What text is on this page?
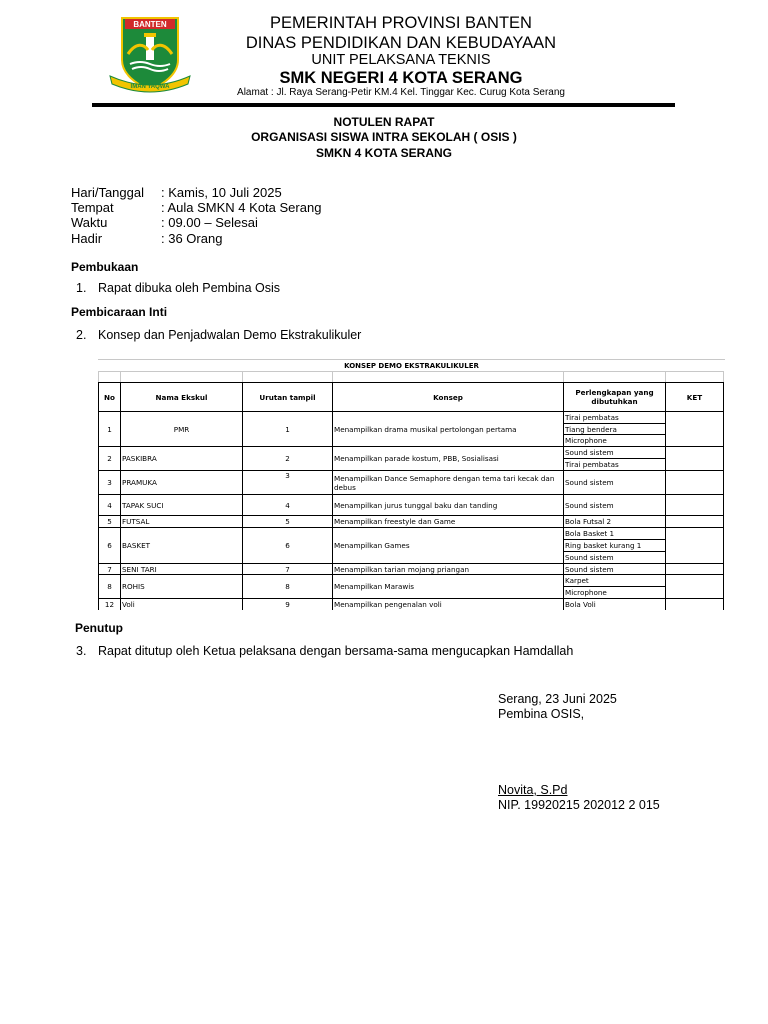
BANTEN
IMAN TAQWA
PEMERINTAH PROVINSI BANTEN
DINAS PENDIDIKAN DAN KEBUDAYAAN
UNIT PELAKSANA TEKNIS
SMK NEGERI 4 KOTA SERANG
Alamat : Jl. Raya Serang-Petir KM.4 Kel. Tinggar Kec. Curug Kota Serang
NOTULEN RAPAT
ORGANISASI SISWA INTRA SEKOLAH ( OSIS )
SMKN 4 KOTA SERANG
Hari/Tanggal : Kamis, 10 Juli 2025
Tempat	: Aula SMKN 4 Kota Serang
Waktu	: 09.00 – Selesai
Hadir	: 36 Orang
Pembukaan
1. Rapat dibuka oleh Pembina Osis
Pembicaraan Inti
2. Konsep dan Penjadwalan Demo Ekstrakulikuler
KONSEP DEMO EKSTRAKULIKULER

No	Nama Ekskul	Urutan tampil	Konsep	Perlengkapan yang dibutuhkan	KET
1	PMR	1	Menampilkan drama musikal pertolongan pertama	Tirai pembatas	
				Tiang bendera	
				Microphone	
2	PASKIBRA	2	Menampilkan parade kostum, PBB, Sosialisasi	Sound sistem	
				Tirai pembatas	
3	PRAMUKA	3	Menampilkan Dance Semaphore dengan tema tari kecak dan debus	Sound sistem	
4	TAPAK SUCI	4	Menampilkan jurus tunggal baku dan tanding	Sound sistem	
5	FUTSAL	5	Menampilkan freestyle dan Game	Bola Futsal 2	
6	BASKET	6	Menampilkan Games	Bola Basket 1	
				Ring basket kurang 1	
				Sound sistem	
7	SENI TARI	7	Menampilkan tarian mojang priangan	Sound sistem	
8	ROHIS	8	Menampilkan Marawis	Karpet	
				Microphone	
12	Voli	9	Menampilkan pengenalan voli	Bola Voli	
Penutup
3. Rapat ditutup oleh Ketua pelaksana dengan bersama-sama mengucapkan Hamdallah
Serang, 23 Juni 2025
Pembina OSIS,
Novita, S.Pd
NIP. 19920215 202012 2 015
